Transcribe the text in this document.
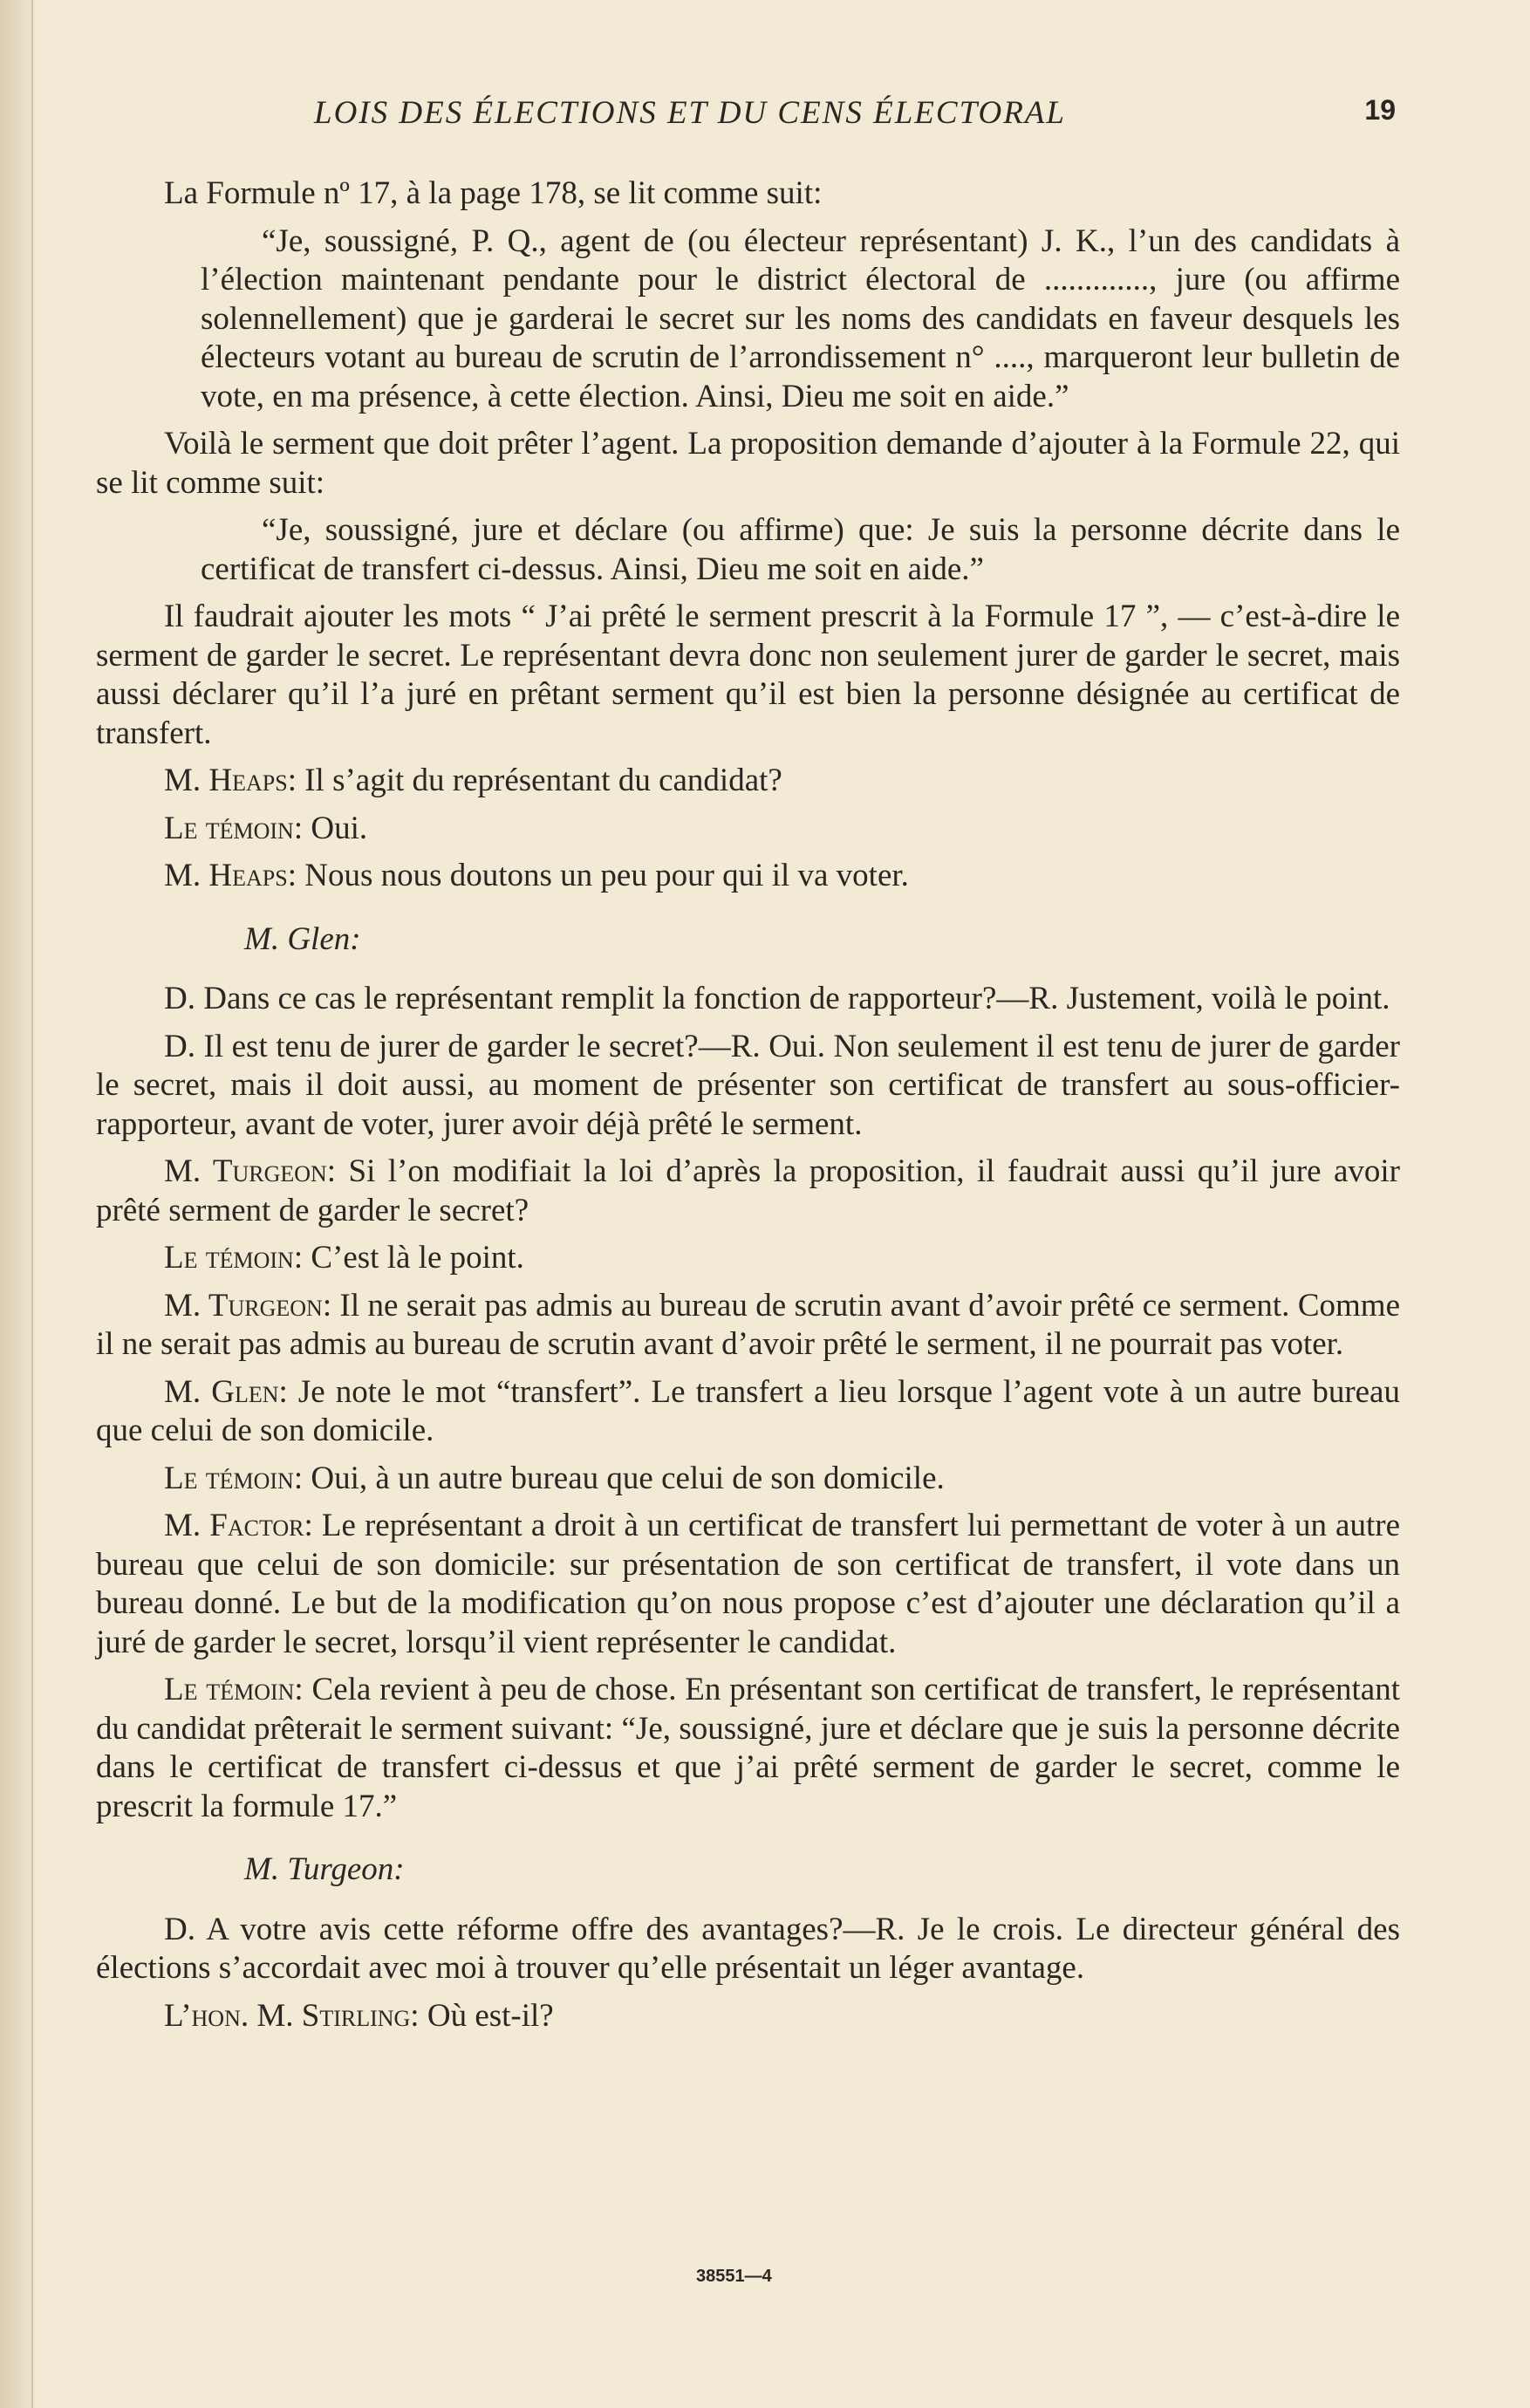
LOIS DES ÉLECTIONS ET DU CENS ÉLECTORAL	19

La Formule nº 17, à la page 178, se lit comme suit:

“Je, soussigné, P. Q., agent de (ou électeur représentant) J. K., l’un des candidats à l’élection maintenant pendante pour le district électoral de ............., jure (ou affirme solennellement) que je garderai le secret sur les noms des candidats en faveur desquels les électeurs votant au bureau de scrutin de l’arrondissement n° ...., marqueront leur bulletin de vote, en ma présence, à cette élection. Ainsi, Dieu me soit en aide.”

Voilà le serment que doit prêter l’agent. La proposition demande d’ajouter à la Formule 22, qui se lit comme suit:

“Je, soussigné, jure et déclare (ou affirme) que: Je suis la personne décrite dans le certificat de transfert ci-dessus. Ainsi, Dieu me soit en aide.”

Il faudrait ajouter les mots “ J’ai prêté le serment prescrit à la Formule 17 ”, — c’est-à-dire le serment de garder le secret. Le représentant devra donc non seulement jurer de garder le secret, mais aussi déclarer qu’il l’a juré en prêtant serment qu’il est bien la personne désignée au certificat de transfert.

M. Heaps: Il s’agit du représentant du candidat?

Le témoin: Oui.

M. Heaps: Nous nous doutons un peu pour qui il va voter.

M. Glen:

D. Dans ce cas le représentant remplit la fonction de rapporteur?—R. Justement, voilà le point.

D. Il est tenu de jurer de garder le secret?—R. Oui. Non seulement il est tenu de jurer de garder le secret, mais il doit aussi, au moment de présenter son certificat de transfert au sous-officier-rapporteur, avant de voter, jurer avoir déjà prêté le serment.

M. Turgeon: Si l’on modifiait la loi d’après la proposition, il faudrait aussi qu’il jure avoir prêté serment de garder le secret?

Le témoin: C’est là le point.

M. Turgeon: Il ne serait pas admis au bureau de scrutin avant d’avoir prêté ce serment. Comme il ne serait pas admis au bureau de scrutin avant d’avoir prêté le serment, il ne pourrait pas voter.

M. Glen: Je note le mot “transfert”. Le transfert a lieu lorsque l’agent vote à un autre bureau que celui de son domicile.

Le témoin: Oui, à un autre bureau que celui de son domicile.

M. Factor: Le représentant a droit à un certificat de transfert lui permettant de voter à un autre bureau que celui de son domicile: sur présentation de son certificat de transfert, il vote dans un bureau donné. Le but de la modification qu’on nous propose c’est d’ajouter une déclaration qu’il a juré de garder le secret, lorsqu’il vient représenter le candidat.

Le témoin: Cela revient à peu de chose. En présentant son certificat de transfert, le représentant du candidat prêterait le serment suivant: “Je, soussigné, jure et déclare que je suis la personne décrite dans le certificat de transfert ci-dessus et que j’ai prêté serment de garder le secret, comme le prescrit la formule 17.”

M. Turgeon:

D. A votre avis cette réforme offre des avantages?—R. Je le crois. Le directeur général des élections s’accordait avec moi à trouver qu’elle présentait un léger avantage.

L’hon. M. Stirling: Où est-il?

38551—4
